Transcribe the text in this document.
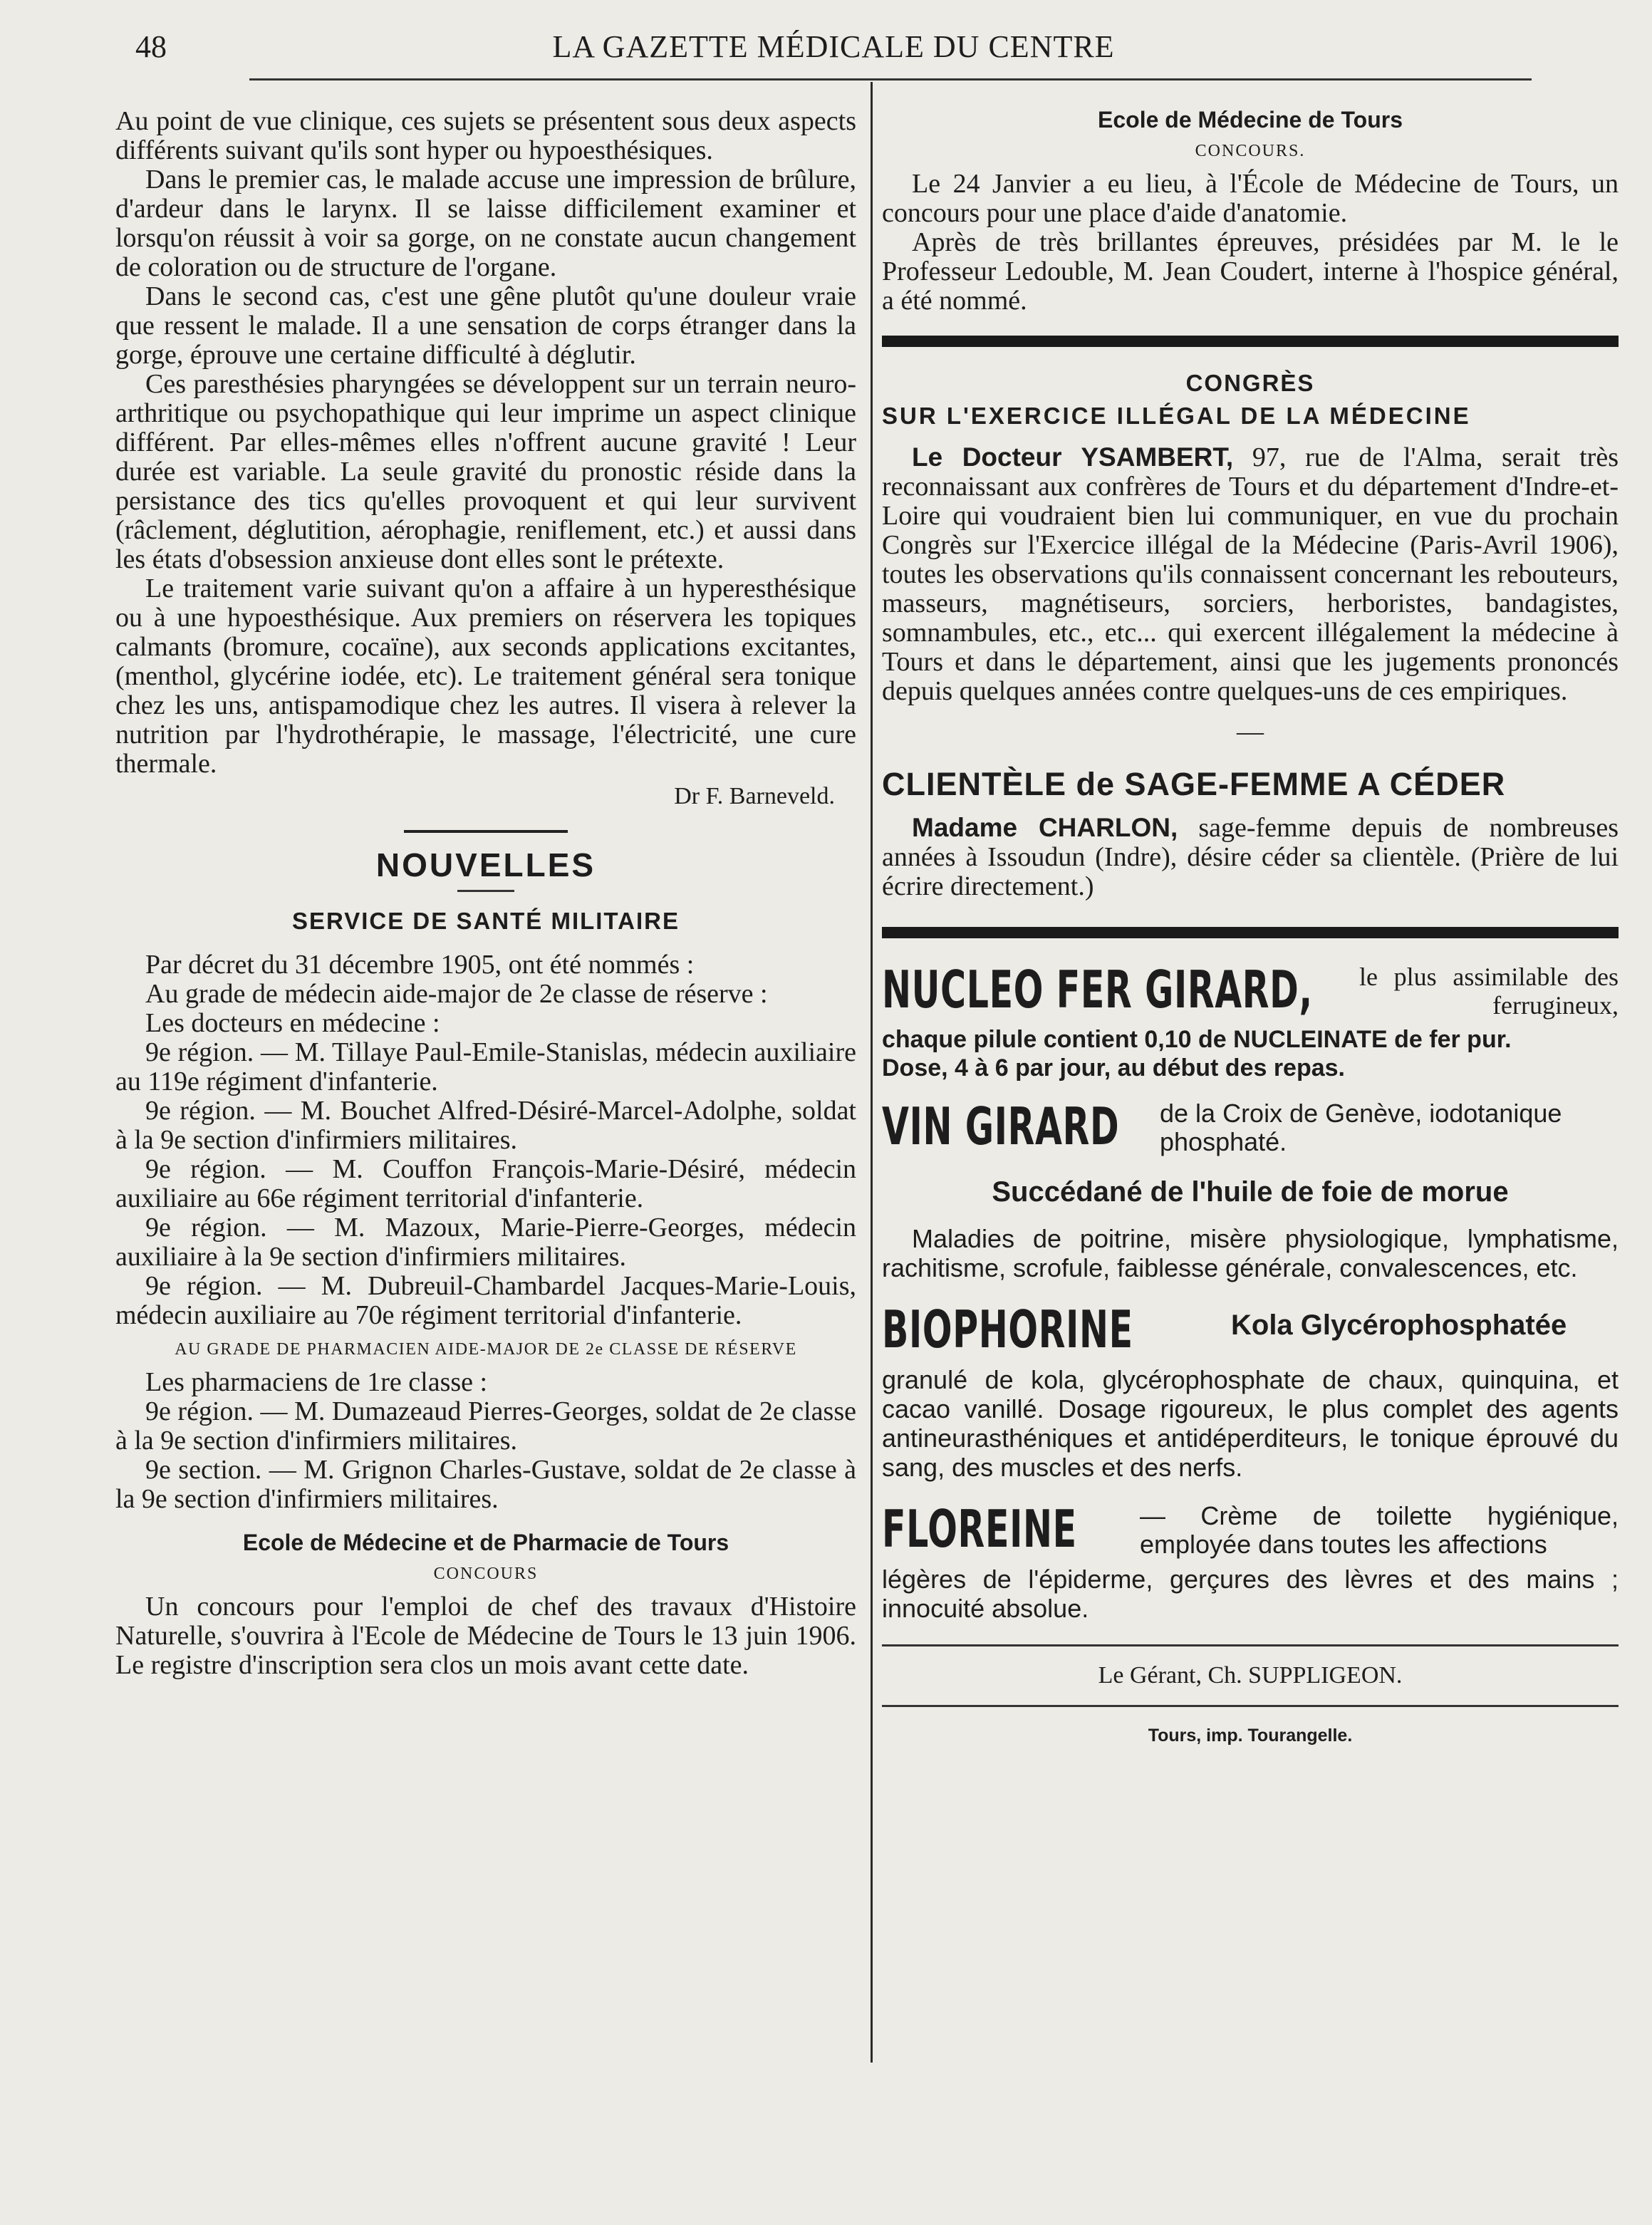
48	LA GAZETTE MÉDICALE DU CENTRE

Au point de vue clinique, ces sujets se présentent sous deux aspects différents suivant qu'ils sont hyper ou hypoesthésiques.

Dans le premier cas, le malade accuse une impression de brûlure, d'ardeur dans le larynx. Il se laisse difficilement examiner et lorsqu'on réussit à voir sa gorge, on ne constate aucun changement de coloration ou de structure de l'organe.

Dans le second cas, c'est une gêne plutôt qu'une douleur vraie que ressent le malade. Il a une sensation de corps étranger dans la gorge, éprouve une certaine difficulté à déglutir.

Ces paresthésies pharyngées se développent sur un terrain neuro-arthritique ou psychopathique qui leur imprime un aspect clinique différent. Par elles-mêmes elles n'offrent aucune gravité ! Leur durée est variable. La seule gravité du pronostic réside dans la persistance des tics qu'elles provoquent et qui leur survivent (râclement, déglutition, aérophagie, reniflement, etc.) et aussi dans les états d'obsession anxieuse dont elles sont le prétexte.

Le traitement varie suivant qu'on a affaire à un hyperesthésique ou à une hypoesthésique. Aux premiers on réservera les topiques calmants (bromure, cocaïne), aux seconds applications excitantes, (menthol, glycérine iodée, etc). Le traitement général sera tonique chez les uns, antispamodique chez les autres. Il visera à relever la nutrition par l'hydrothérapie, le massage, l'électricité, une cure thermale.

Dr F. Barneveld.
NOUVELLES
SERVICE DE SANTÉ MILITAIRE

Par décret du 31 décembre 1905, ont été nommés :

Au grade de médecin aide-major de 2e classe de réserve :

Les docteurs en médecine :

9e région. — M. Tillaye Paul-Emile-Stanislas, médecin auxiliaire au 119e régiment d'infanterie.

9e région. — M. Bouchet Alfred-Désiré-Marcel-Adolphe, soldat à la 9e section d'infirmiers militaires.

9e région. — M. Couffon François-Marie-Désiré, médecin auxiliaire au 66e régiment territorial d'infanterie.

9e région. — M. Mazoux, Marie-Pierre-Georges, médecin auxiliaire à la 9e section d'infirmiers militaires.

9e région. — M. Dubreuil-Chambardel Jacques-Marie-Louis, médecin auxiliaire au 70e régiment territorial d'infanterie.

AU GRADE DE PHARMACIEN AIDE-MAJOR DE 2e CLASSE DE RÉSERVE

Les pharmaciens de 1re classe :

9e région. — M. Dumazeaud Pierres-Georges, soldat de 2e classe à la 9e section d'infirmiers militaires.

9e section. — M. Grignon Charles-Gustave, soldat de 2e classe à la 9e section d'infirmiers militaires.

Ecole de Médecine et de Pharmacie de Tours
CONCOURS

Un concours pour l'emploi de chef des travaux d'Histoire Naturelle, s'ouvrira à l'Ecole de Médecine de Tours le 13 juin 1906. Le registre d'inscription sera clos un mois avant cette date.

Ecole de Médecine de Tours
CONCOURS.

Le 24 Janvier a eu lieu, à l'École de Médecine de Tours, un concours pour une place d'aide d'anatomie.

Après de très brillantes épreuves, présidées par M. le le Professeur Ledouble, M. Jean Coudert, interne à l'hospice général, a été nommé.

CONGRÈS
SUR L'EXERCICE ILLÉGAL DE LA MÉDECINE

Le Docteur YSAMBERT, 97, rue de l'Alma, serait très reconnaissant aux confrères de Tours et du département d'Indre-et-Loire qui voudraient bien lui communiquer, en vue du prochain Congrès sur l'Exercice illégal de la Médecine (Paris-Avril 1906), toutes les observations qu'ils connaissent concernant les rebouteurs, masseurs, magnétiseurs, sorciers, herboristes, bandagistes, somnambules, etc., etc... qui exercent illégalement la médecine à Tours et dans le département, ainsi que les jugements prononcés depuis quelques années contre quelques-uns de ces empiriques.

—
CLIENTÈLE de SAGE-FEMME A CÉDER

Madame CHARLON, sage-femme depuis de nombreuses années à Issoudun (Indre), désire céder sa clientèle. (Prière de lui écrire directement.)

NUCLEO FER GIRARD, le plus assimilable des ferrugineux,
chaque pilule contient 0,10 de NUCLEINATE de fer pur.
Dose, 4 à 6 par jour, au début des repas.
VIN GIRARD de la Croix de Genève, iodotanique phosphaté.
Succédané de l'huile de foie de morue

Maladies de poitrine, misère physiologique, lymphatisme, rachitisme, scrofule, faiblesse générale, convalescences, etc.

BIOPHORINE	Kola Glycérophosphatée

granulé de kola, glycérophosphate de chaux, quinquina, et cacao vanillé. Dosage rigoureux, le plus complet des agents antineurasthéniques et antidéperditeurs, le tonique éprouvé du sang, des muscles et des nerfs.

FLOREINE — Crème de toilette hygiénique, employée dans toutes les affections

légères de l'épiderme, gerçures des lèvres et des mains ; innocuité absolue.

Le Gérant, Ch. SUPPLIGEON.
Tours, imp. Tourangelle.
